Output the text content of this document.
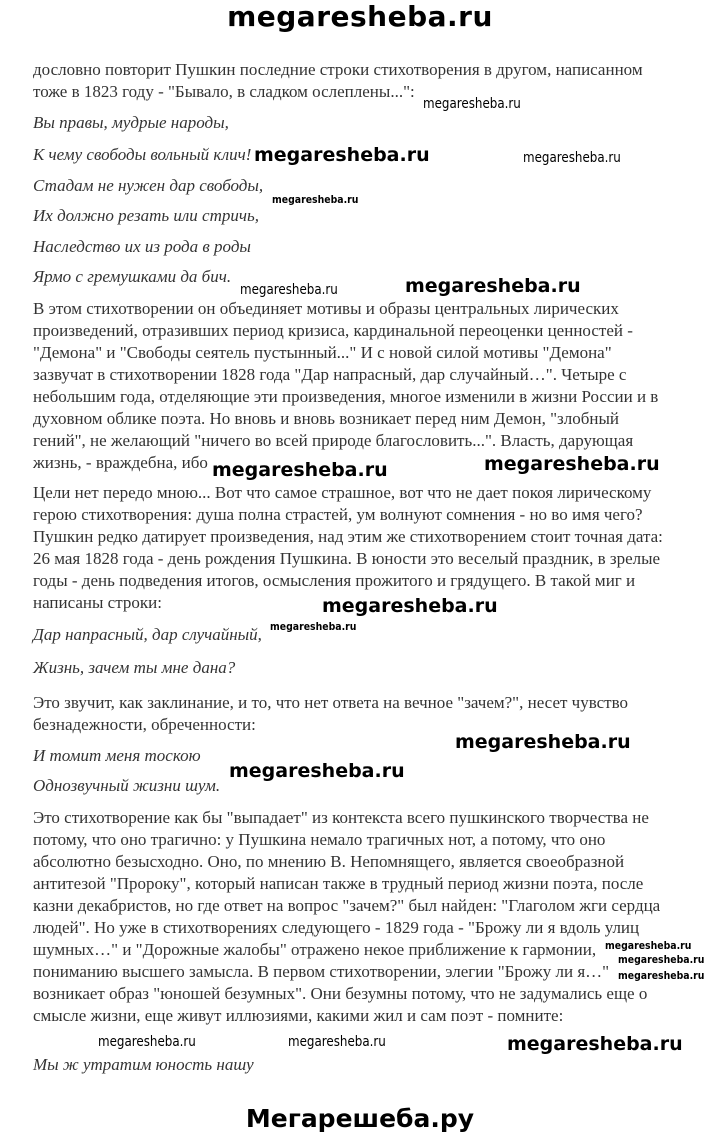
megaresheba.ru
дословно повторит Пушкин последние строки стихотворения в другом, написанном
тоже в 1823 году - "Бывало, в сладком ослеплены...":
Вы правы, мудрые народы,
К чему свободы вольный клич!
Стадам не нужен дар свободы,
Их должно резать или стричь,
Наследство их из рода в роды
Ярмо с гремушками да бич.
В этом стихотворении он объединяет мотивы и образы центральных лирических
произведений, отразивших период кризиса, кардинальной переоценки ценностей -
"Демона" и "Свободы сеятель пустынный..." И с новой силой мотивы "Демона"
зазвучат в стихотворении 1828 года "Дар напрасный, дар случайный…". Четыре с
небольшим года, отделяющие эти произведения, многое изменили в жизни России и в
духовном облике поэта. Но вновь и вновь возникает перед ним Демон, "злобный
гений", не желающий "ничего во всей природе благословить...". Власть, дарующая
жизнь, - враждебна, ибо
Цели нет передо мною... Вот что самое страшное, вот что не дает покоя лирическому
герою стихотворения: душа полна страстей, ум волнуют сомнения - но во имя чего?
Пушкин редко датирует произведения, над этим же стихотворением стоит точная дата:
26 мая 1828 года - день рождения Пушкина. В юности это веселый праздник, в зрелые
годы - день подведения итогов, осмысления прожитого и грядущего. В такой миг и
написаны строки:
Дар напрасный, дар случайный,
Жизнь, зачем ты мне дана?
Это звучит, как заклинание, и то, что нет ответа на вечное "зачем?", несет чувство
безнадежности, обреченности:
И томит меня тоскою
Однозвучный жизни шум.
Это стихотворение как бы "выпадает" из контекста всего пушкинского творчества не
потому, что оно трагично: у Пушкина немало трагичных нот, а потому, что оно
абсолютно безысходно. Оно, по мнению В. Непомнящего, является своеобразной
антитезой "Пророку", который написан также в трудный период жизни поэта, после
казни декабристов, но где ответ на вопрос "зачем?" был найден: "Глаголом жги сердца
людей". Но уже в стихотворениях следующего - 1829 года - "Брожу ли я вдоль улиц
шумных…" и "Дорожные жалобы" отражено некое приближение к гармонии,
пониманию высшего замысла. В первом стихотворении, элегии "Брожу ли я…"
возникает образ "юношей безумных". Они безумны потому, что не задумались еще о
смысле жизни, еще живут иллюзиями, какими жил и сам поэт - помните:
Мы ж утратим юность нашу
megaresheba.ru
megaresheba.ru	megaresheba.ru
megaresheba.ru
megaresheba.ru	megaresheba.ru
megaresheba.ru
megaresheba.ru
megaresheba.ru
megaresheba.ru
megaresheba.ru
megaresheba.ru
megaresheba.ru
megaresheba.ru
megaresheba.ru
megaresheba.ru	megaresheba.ru	megaresheba.ru
Мегарешеба.ру
